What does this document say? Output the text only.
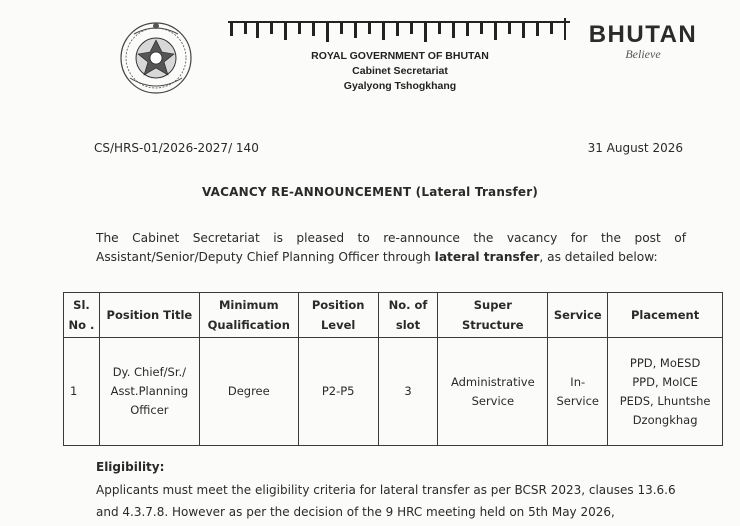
ROYAL GOVERNMENT OF BHUTAN
Cabinet Secretariat
Gyalyong Tshogkhang
BHUTAN
Believe
CS/HRS-01/2026-2027/ 140	31 August 2026
VACANCY RE-ANNOUNCEMENT (Lateral Transfer)
The Cabinet Secretariat is pleased to re-announce the vacancy for the post of Assistant/Senior/Deputy Chief Planning Officer through lateral transfer, as detailed below:
Sl. No .	Position Title	Minimum Qualification	Position Level	No. of slot	Super Structure	Service	Placement
1	Dy. Chief/Sr./ Asst.Planning Officer	Degree	P2-P5	3	Administrative Service	In- Service	PPD, MoESD
PPD, MoICE
PEDS, Lhuntshe
Dzongkhag
Eligibility:
Applicants must meet the eligibility criteria for lateral transfer as per BCSR 2023, clauses 13.6.6 and 4.3.7.8. However as per the decision of the 9 HRC meeting held on 5th May 2026,
